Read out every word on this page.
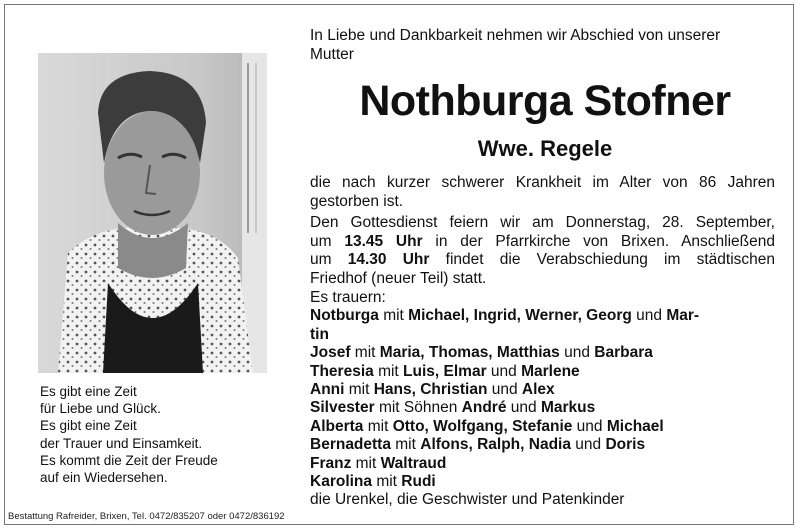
In Liebe und Dankbarkeit nehmen wir Abschied von unserer
Mutter
Nothburga Stofner
Wwe. Regele
die nach kurzer schwerer Krankheit im Alter von 86 Jahren
gestorben ist.
Den Gottesdienst feiern wir am Donnerstag, 28. September,
um 13.45 Uhr in der Pfarrkirche von Brixen. Anschließend
um 14.30 Uhr findet die Verabschiedung im städtischen
Friedhof (neuer Teil) statt.
Es trauern:
Notburga mit Michael, Ingrid, Werner, Georg und Mar-
tin
Josef mit Maria, Thomas, Matthias und Barbara
Theresia mit Luis, Elmar und Marlene
Anni mit Hans, Christian und Alex
Silvester mit Söhnen André und Markus
Alberta mit Otto, Wolfgang, Stefanie und Michael
Bernadetta mit Alfons, Ralph, Nadia und Doris
Franz mit Waltraud
Karolina mit Rudi
die Urenkel, die Geschwister und Patenkinder
Es gibt eine Zeit
für Liebe und Glück.
Es gibt eine Zeit
der Trauer und Einsamkeit.
Es kommt die Zeit der Freude
auf ein Wiedersehen.
Bestattung Rafreider, Brixen, Tel. 0472/835207 oder 0472/836192
